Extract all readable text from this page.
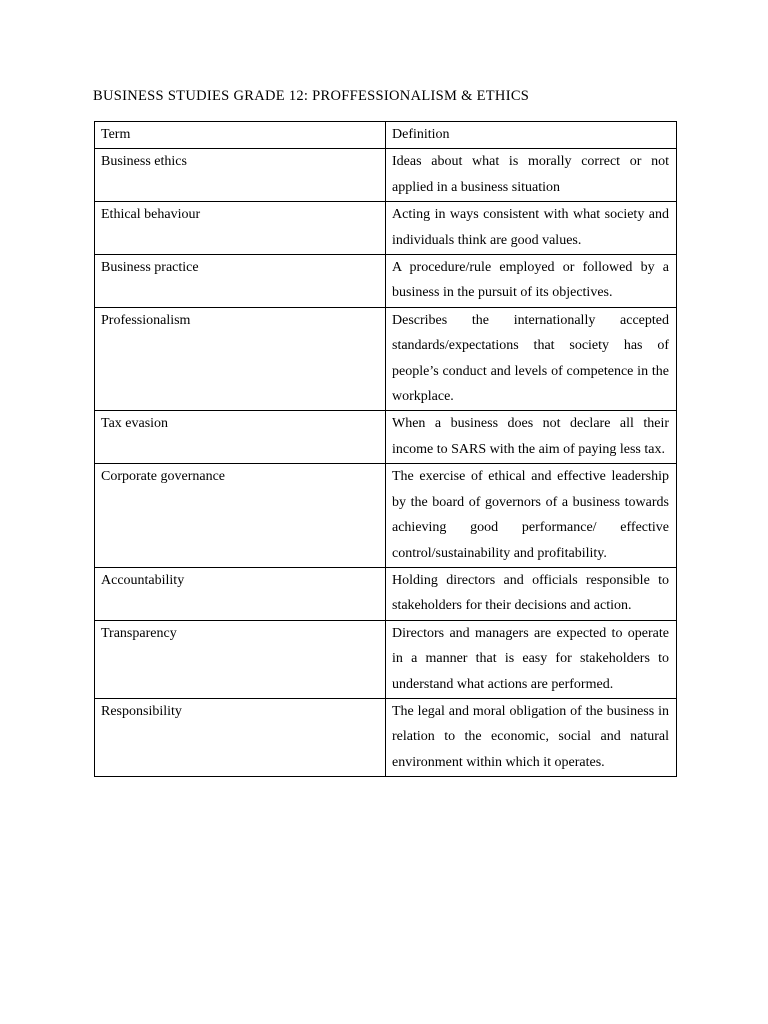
BUSINESS STUDIES GRADE 12: PROFFESSIONALISM & ETHICS
Term	Definition
Business ethics	Ideas about what is morally correct or not applied in a business situation
Ethical behaviour	Acting in ways consistent with what society and individuals think are good values.
Business practice	A procedure/rule employed or followed by a business in the pursuit of its objectives.
Professionalism	Describes the internationally accepted standards/expectations that society has of people’s conduct and levels of competence in the workplace.
Tax evasion	When a business does not declare all their income to SARS with the aim of paying less tax.
Corporate governance	The exercise of ethical and effective leadership by the board of governors of a business towards achieving good performance/ effective control/sustainability and profitability.
Accountability	Holding directors and officials responsible to stakeholders for their decisions and action.
Transparency	Directors and managers are expected to operate in a manner that is easy for stakeholders to understand what actions are performed.
Responsibility	The legal and moral obligation of the business in relation to the economic, social and natural environment within which it operates.
